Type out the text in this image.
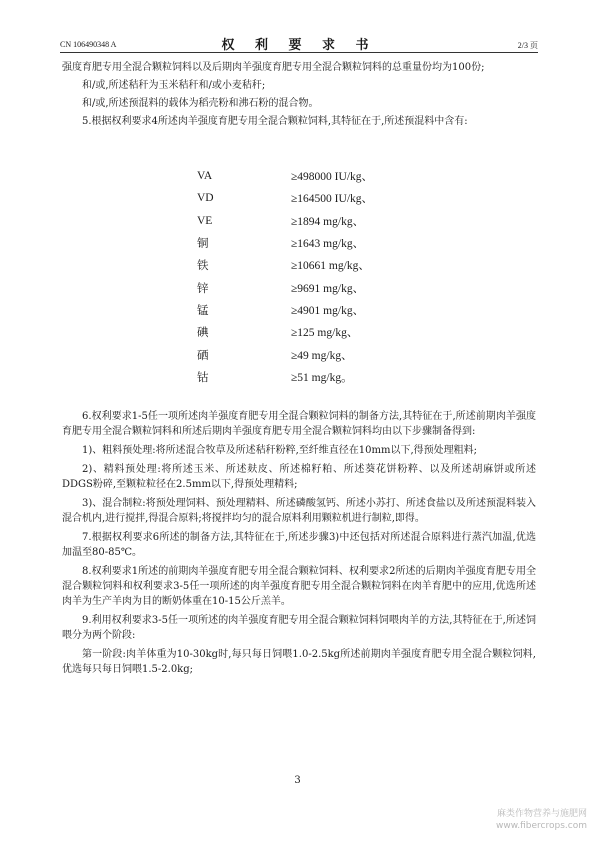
CN 106490348 A	权 利 要 求 书	2/3 页

强度育肥专用全混合颗粒饲料以及后期肉羊强度育肥专用全混合颗粒饲料的总重量份均为100份;

和/或,所述秸秆为玉米秸秆和/或小麦秸秆;

和/或,所述预混料的载体为稻壳粉和沸石粉的混合物。

5.根据权利要求4所述肉羊强度育肥专用全混合颗粒饲料,其特征在于,所述预混料中含有:

VA	≥498000 IU/kg、
VD	≥164500 IU/kg、
VE	≥1894 mg/kg、
铜	≥1643 mg/kg、
铁	≥10661 mg/kg、
锌	≥9691 mg/kg、
锰	≥4901 mg/kg、
碘	≥125 mg/kg、
硒	≥49 mg/kg、
钴	≥51 mg/kg。

6.权利要求1-5任一项所述肉羊强度育肥专用全混合颗粒饲料的制备方法,其特征在于,所述前期肉羊强度育肥专用全混合颗粒饲料和所述后期肉羊强度育肥专用全混合颗粒饲料均由以下步骤制备得到:

1)、粗料预处理:将所述混合牧草及所述秸秆粉粹,至纤维直径在10mm以下,得预处理粗料;

2)、精料预处理:将所述玉米、所述麸皮、所述棉籽粕、所述葵花饼粉粹、以及所述胡麻饼或所述DDGS粉碎,至颗粒粒径在2.5mm以下,得预处理精料;

3)、混合制粒:将预处理饲料、预处理精料、所述磷酸氢钙、所述小苏打、所述食盐以及所述预混料装入混合机内,进行搅拌,得混合原料;将搅拌均匀的混合原料利用颗粒机进行制粒,即得。

7.根据权利要求6所述的制备方法,其特征在于,所述步骤3)中还包括对所述混合原料进行蒸汽加温,优选加温至80-85℃。

8.权利要求1所述的前期肉羊强度育肥专用全混合颗粒饲料、权利要求2所述的后期肉羊强度育肥专用全混合颗粒饲料和权利要求3-5任一项所述的肉羊强度育肥专用全混合颗粒饲料在肉羊育肥中的应用,优选所述肉羊为生产羊肉为目的断奶体重在10-15公斤羔羊。

9.利用权利要求3-5任一项所述的肉羊强度育肥专用全混合颗粒饲料饲喂肉羊的方法,其特征在于,所述饲喂分为两个阶段:

第一阶段:肉羊体重为10-30kg时,每只每日饲喂1.0-2.5kg所述前期肉羊强度育肥专用全混合颗粒饲料,优选每只每日饲喂1.5-2.0kg;

3
麻类作物营养与施肥网
www.fibercrops.com
